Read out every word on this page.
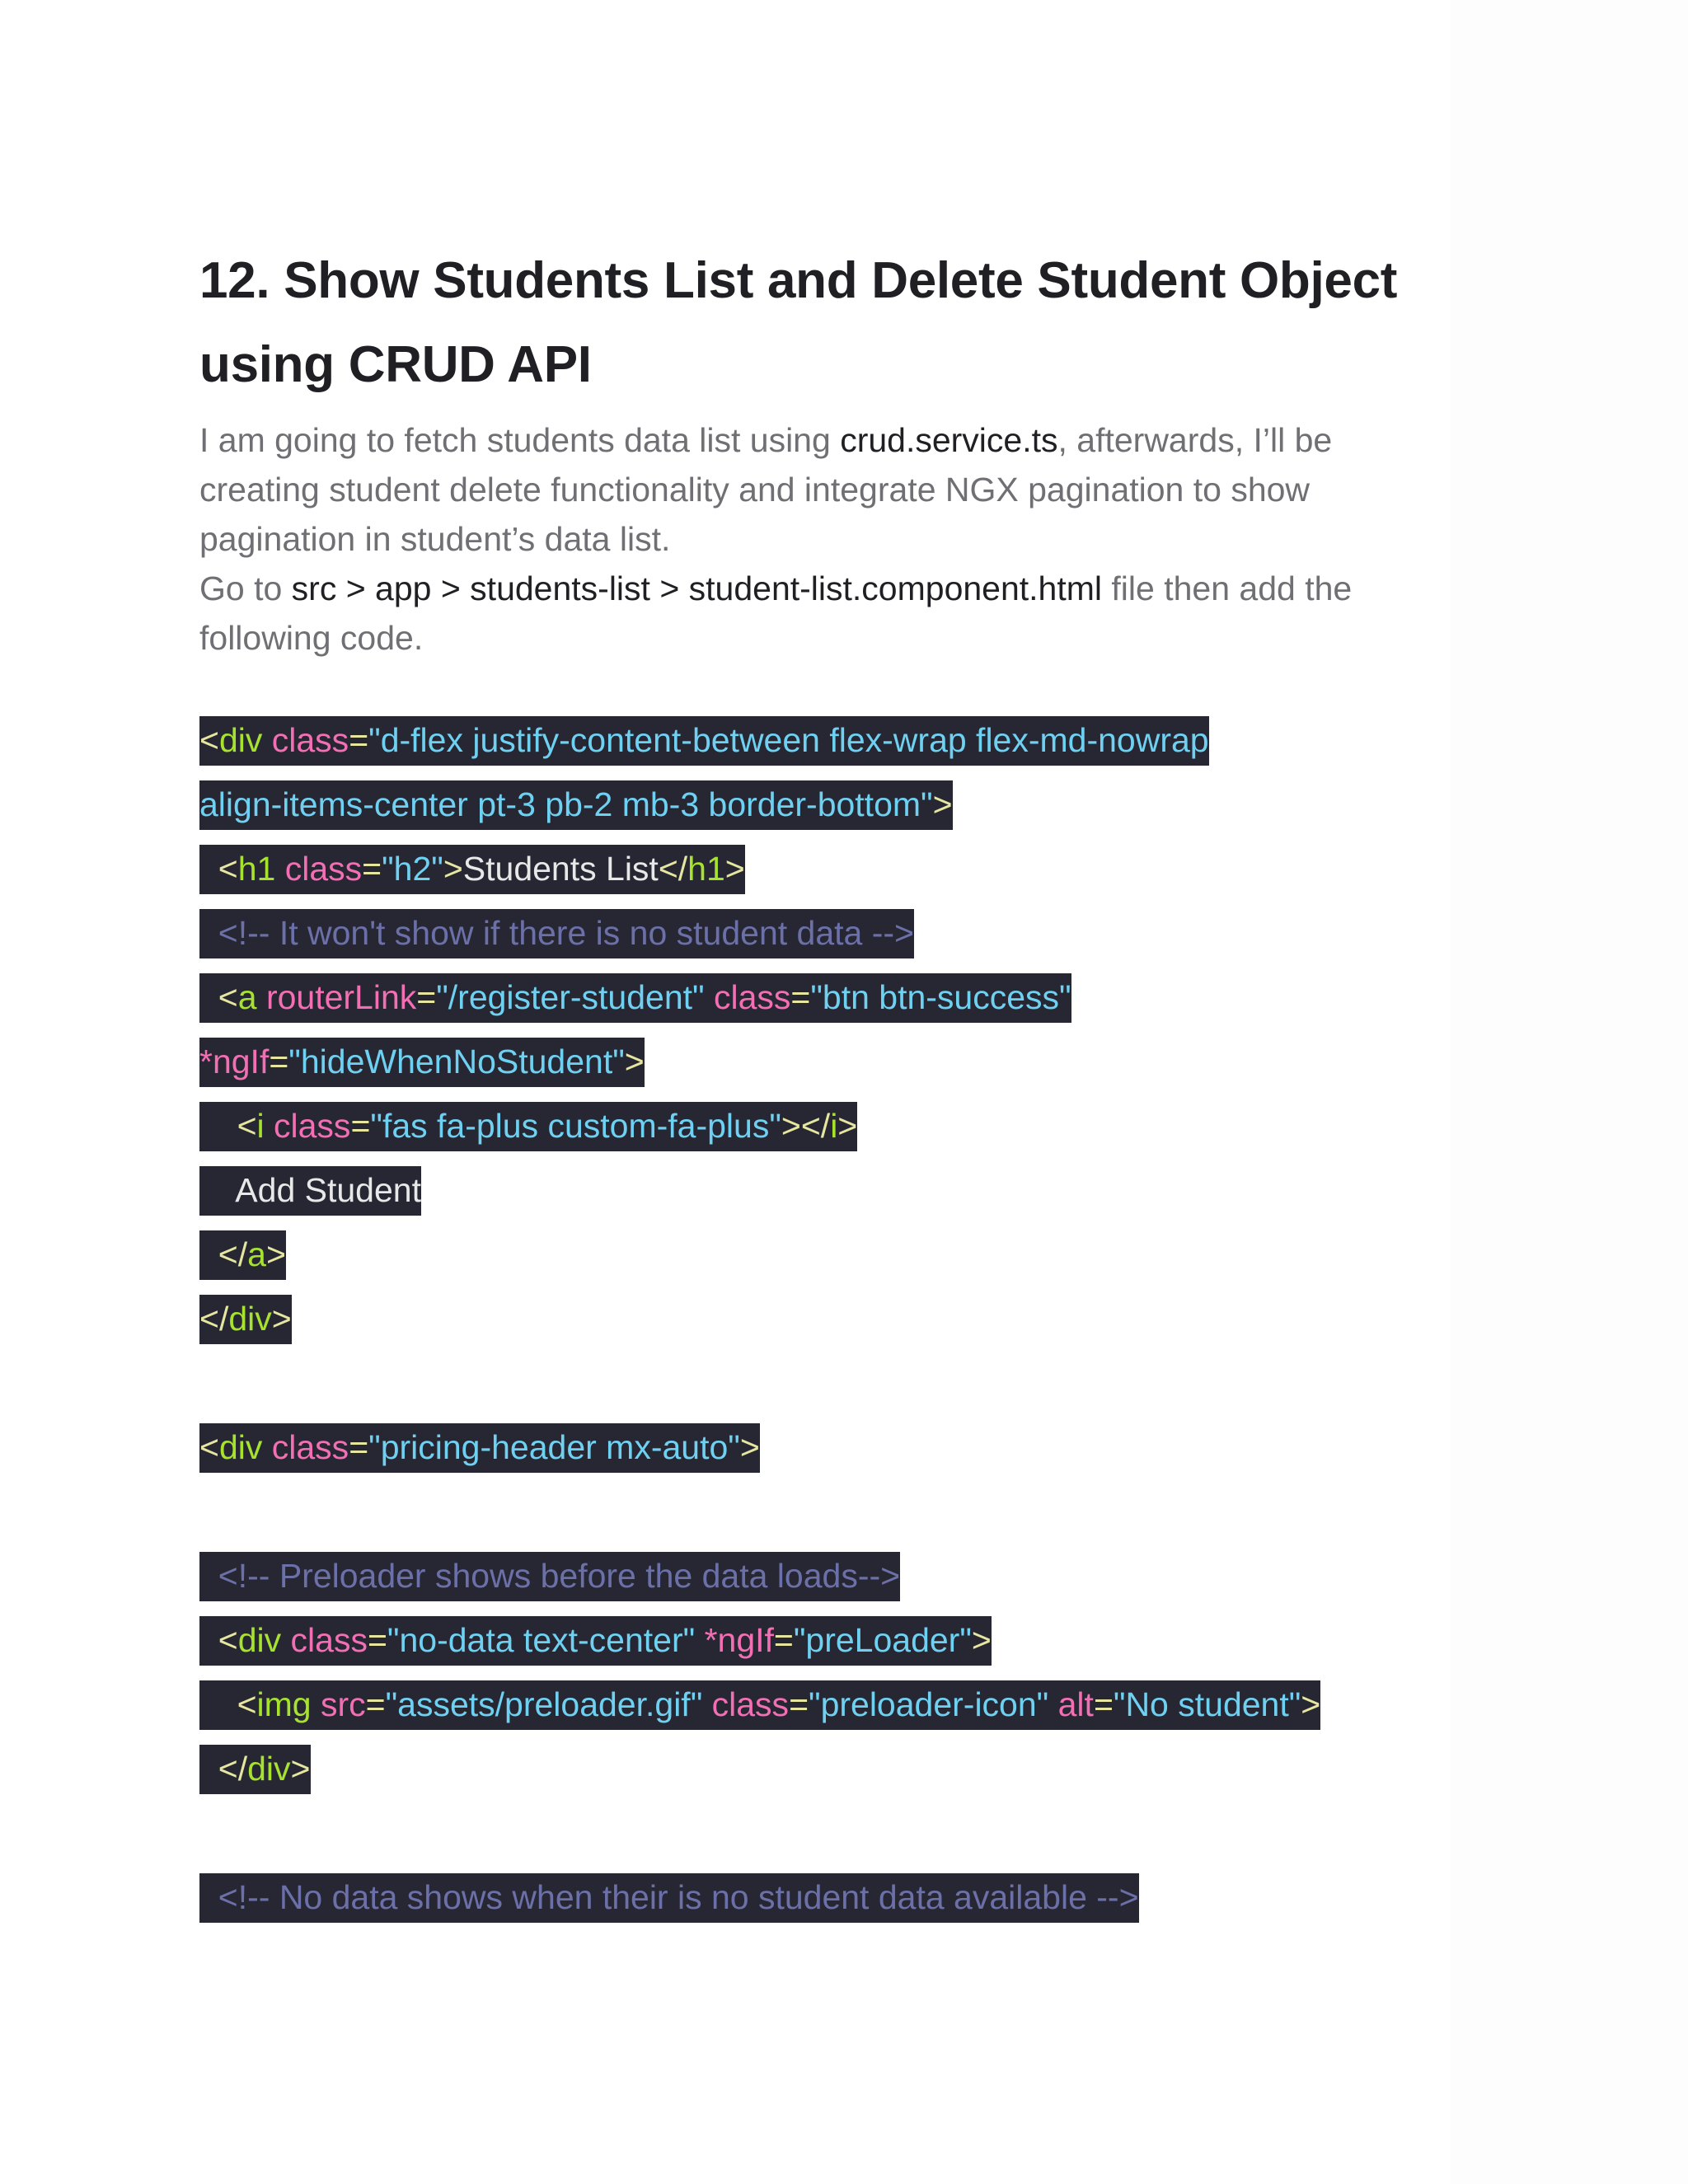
12. Show Students List and Delete Student Object
using CRUD API

I am going to fetch students data list using crud.service.ts, afterwards, I’ll be
creating student delete functionality and integrate NGX pagination to show
pagination in student’s data list.
Go to src > app > students-list > student-list.component.html file then add the
following code.

<div class="d-flex justify-content-between flex-wrap flex-md-nowrap
align-items-center pt-3 pb-2 mb-3 border-bottom">
<h1 class="h2">Students List</h1>
<!-- It won't show if there is no student data -->
<a routerLink="/register-student" class="btn btn-success"
*ngIf="hideWhenNoStudent">
<i class="fas fa-plus custom-fa-plus"></i>
Add Student
</a>
</div>
<div class="pricing-header mx-auto">
<!-- Preloader shows before the data loads-->
<div class="no-data text-center" *ngIf="preLoader">
<img src="assets/preloader.gif" class="preloader-icon" alt="No student">
</div>
<!-- No data shows when their is no student data available -->
